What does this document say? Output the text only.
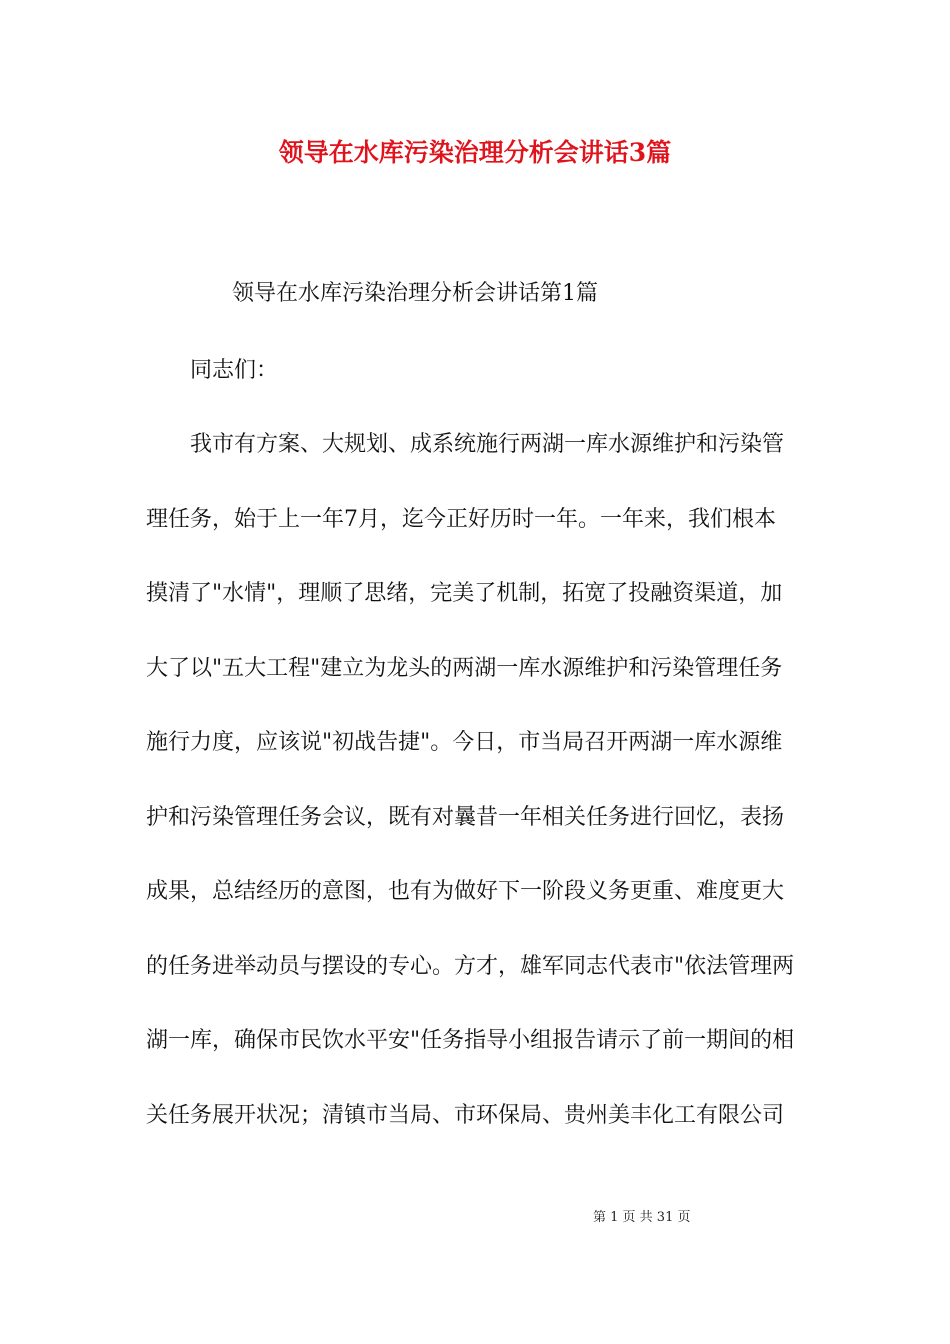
领导在水库污染治理分析会讲话3篇

领导在水库污染治理分析会讲话第1篇

同志们：

我市有方案、大规划、成系统施行两湖一库水源维护和污染管
理任务，始于上一年7月，迄今正好历时一年。一年来，我们根本
摸清了"水情"，理顺了思绪，完美了机制，拓宽了投融资渠道，加
大了以"五大工程"建立为龙头的两湖一库水源维护和污染管理任务
施行力度，应该说"初战告捷"。今日，市当局召开两湖一库水源维
护和污染管理任务会议，既有对曩昔一年相关任务进行回忆，表扬
成果，总结经历的意图，也有为做好下一阶段义务更重、难度更大
的任务进举动员与摆设的专心。方才，雄军同志代表市"依法管理两
湖一库，确保市民饮水平安"任务指导小组报告请示了前一期间的相
关任务展开状况；清镇市当局、市环保局、贵州美丰化工有限公司

第 1 页 共 31 页
